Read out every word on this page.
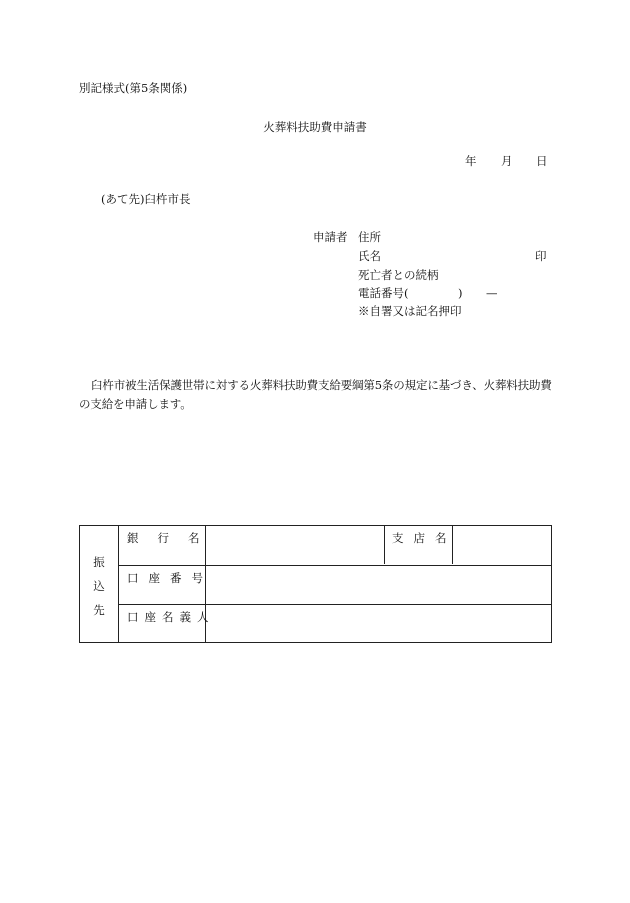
別記様式(第5条関係)
火葬料扶助費申請書
年 月 日
(あて先)臼杵市長
申請者 住所
氏名	印
死亡者との続柄
電話番号(	) —
※自署又は記名押印
臼杵市被生活保護世帯に対する火葬料扶助費支給要綱第5条の規定に基づき、火葬料扶助費の支給を申請します。
振
込
先
銀行名	支店名
口座番号
口座名義人
